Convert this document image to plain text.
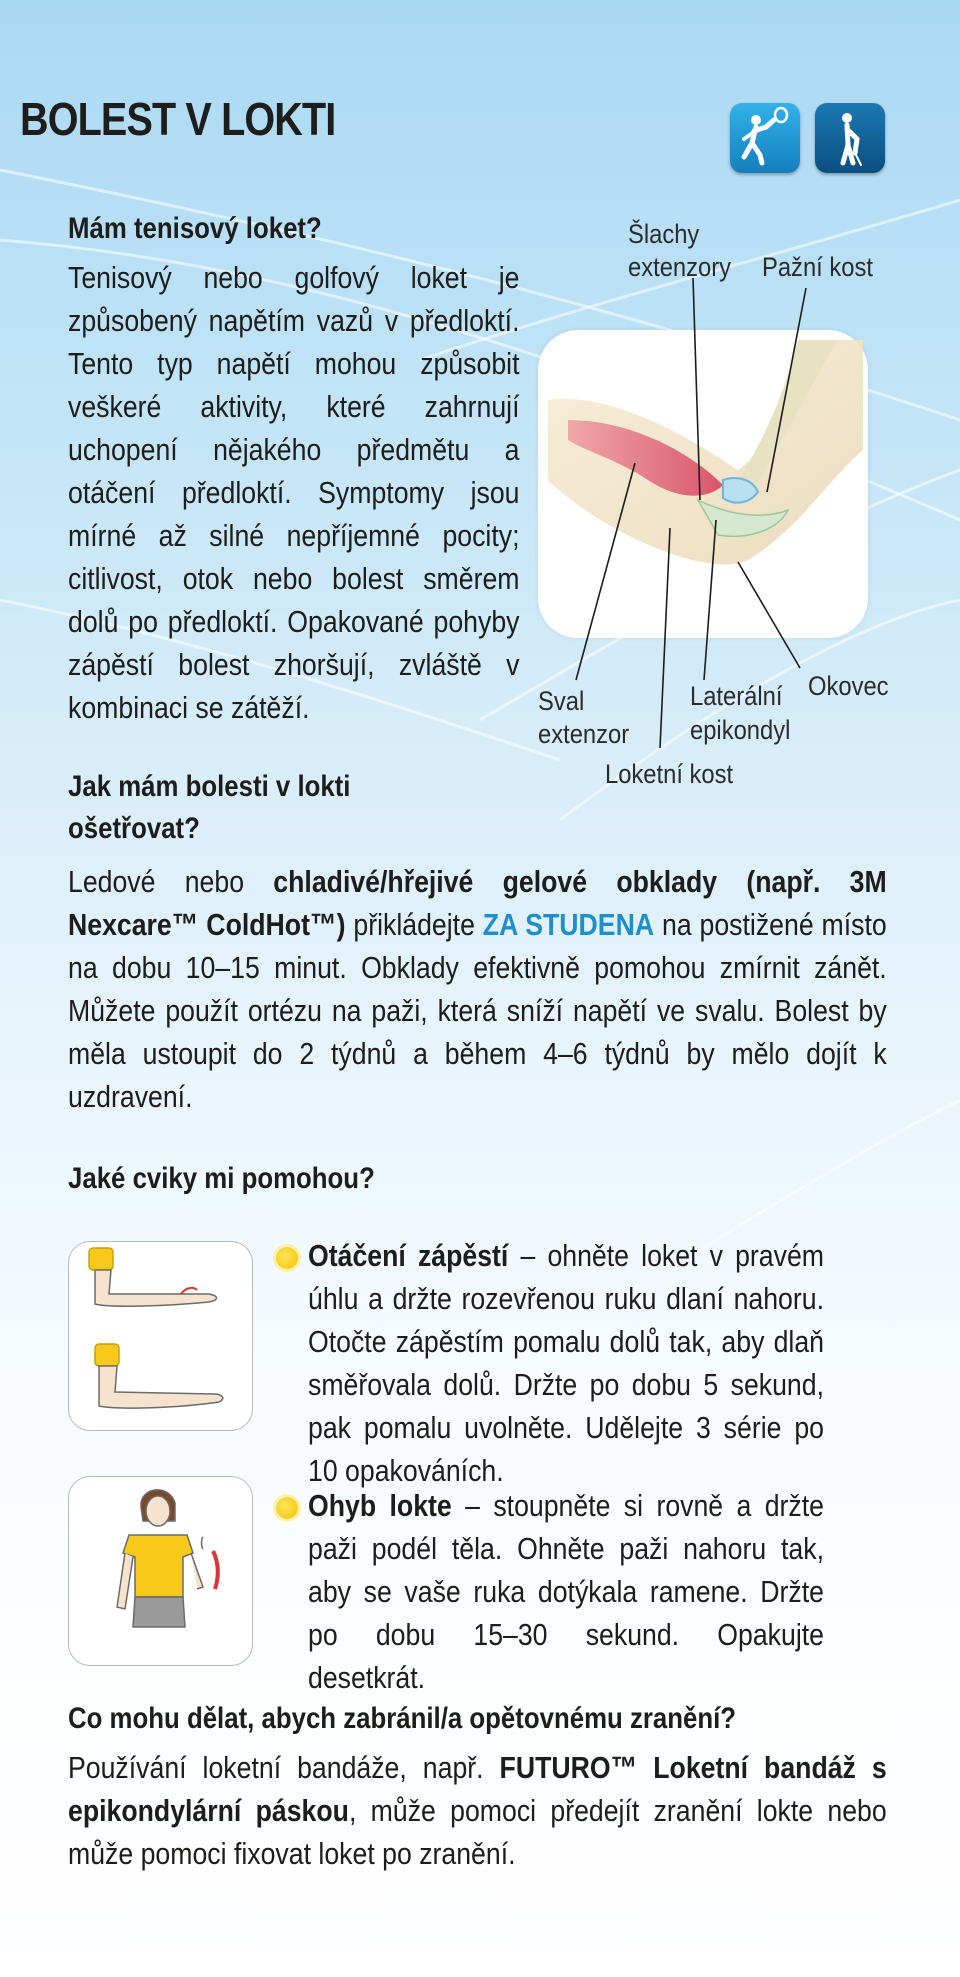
BOLEST V LOKTI
Mám tenisový loket?
Tenisový nebo golfový loket je způsobený napětím vazů v předloktí. Tento typ napětí mohou způsobit veškeré aktivity, které zahrnují uchopení nějakého předmětu a otáčení předloktí. Symptomy jsou mírné až silné nepříjemné pocity; citlivost, otok nebo bolest směrem dolů po předloktí. Opakované pohyby zápěstí bolest zhoršují, zvláště v kombinaci se zátěží.
Šlachy
extenzory Pažní kost
Sval
extenzor
Laterální
epikondyl
Okovec
Loketní kost
Jak mám bolesti v lokti
ošetřovat?
Ledové nebo chladivé/hřejivé gelové obklady (např. 3M Nexcare™ ColdHot™) přikládejte ZA STUDENA na postižené místo na dobu 10–15 minut. Obklady efektivně pomohou zmírnit zánět. Můžete použít ortézu na paži, která sníží napětí ve svalu. Bolest by měla ustoupit do 2 týdnů a během 4–6 týdnů by mělo dojít k uzdravení.
Jaké cviky mi pomohou?
Otáčení zápěstí – ohněte loket v pravém úhlu a držte rozevřenou ruku dlaní nahoru. Otočte zápěstím pomalu dolů tak, aby dlaň směřovala dolů. Držte po dobu 5 sekund, pak pomalu uvolněte. Udělejte 3 série po 10 opakováních.
Ohyb lokte – stoupněte si rovně a držte paži podél těla. Ohněte paži nahoru tak, aby se vaše ruka dotýkala ramene. Držte po dobu 15–30 sekund. Opakujte desetkrát.
Co mohu dělat, abych zabránil/a opětovnému zranění?
Používání loketní bandáže, např. FUTURO™ Loketní bandáž s epikondylární páskou, může pomoci předejít zranění lokte nebo může pomoci fixovat loket po zranění.
